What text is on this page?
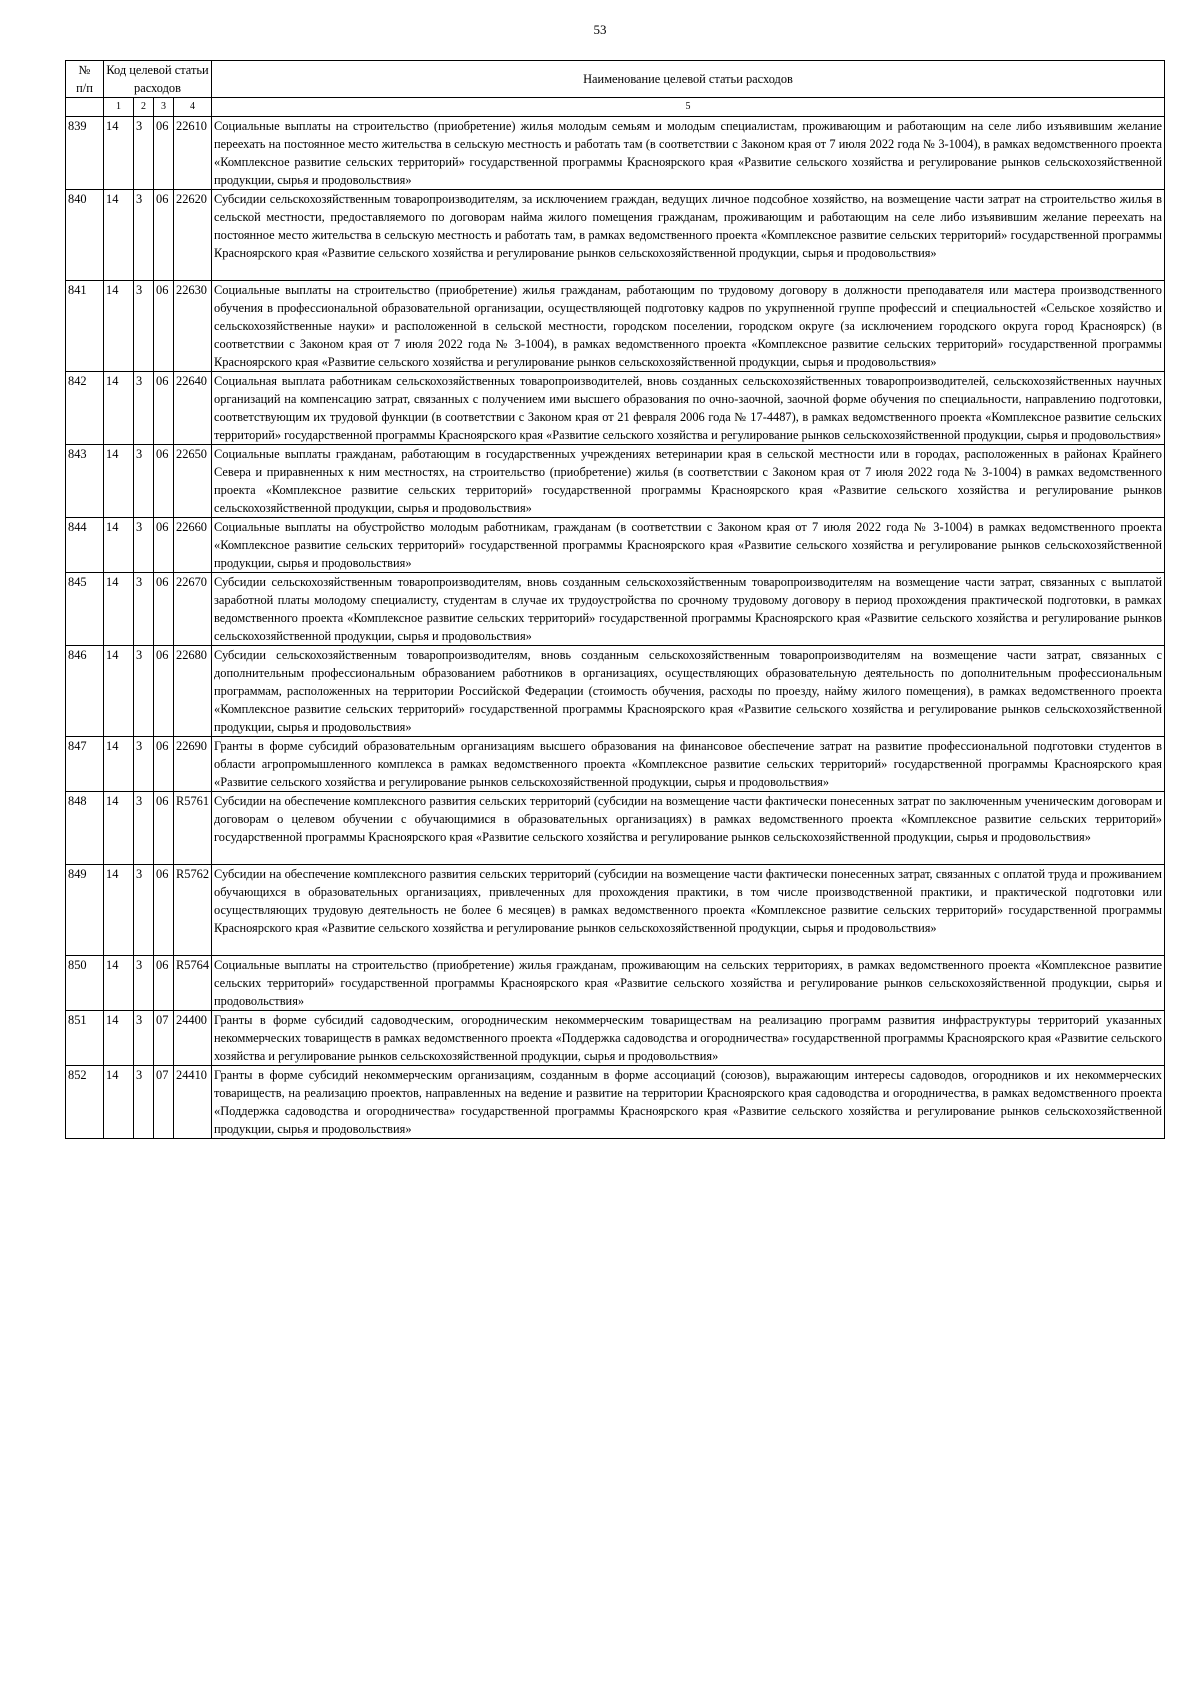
53
№
п/п	Код целевой статьи расходов				Наименование целевой статьи расходов

	1	2	3	4	5
839	14	3	06	22610	Социальные выплаты на строительство (приобретение) жилья молодым семьям и молодым специалистам, проживающим и работающим на селе либо изъявившим желание переехать на постоянное место жительства в сельскую местность и работать там (в соответствии с Законом края от 7 июля 2022 года № 3-1004), в рамках ведомственного проекта «Комплексное развитие сельских территорий» государственной программы Красноярского края «Развитие сельского хозяйства и регулирование рынков сельскохозяйственной продукции, сырья и продовольствия»
840	14	3	06	22620	Субсидии сельскохозяйственным товаропроизводителям, за исключением граждан, ведущих личное подсобное хозяйство, на возмещение части затрат на строительство жилья в сельской местности, предоставляемого по договорам найма жилого помещения гражданам, проживающим и работающим на селе либо изъявившим желание переехать на постоянное место жительства в сельскую местность и работать там, в рамках ведомственного проекта «Комплексное развитие сельских территорий» государственной программы Красноярского края «Развитие сельского хозяйства и регулирование рынков сельскохозяйственной продукции, сырья и продовольствия»
841	14	3	06	22630	Социальные выплаты на строительство (приобретение) жилья гражданам, работающим по трудовому договору в должности преподавателя или мастера производственного обучения в профессиональной образовательной организации, осуществляющей подготовку кадров по укрупненной группе профессий и специальностей «Сельское хозяйство и сельскохозяйственные науки» и расположенной в сельской местности, городском поселении, городском округе (за исключением городского округа город Красноярск) (в соответствии с Законом края от 7 июля 2022 года № 3-1004), в рамках ведомственного проекта «Комплексное развитие сельских территорий» государственной программы Красноярского края «Развитие сельского хозяйства и регулирование рынков сельскохозяйственной продукции, сырья и продовольствия»
842	14	3	06	22640	Социальная выплата работникам сельскохозяйственных товаропроизводителей, вновь созданных сельскохозяйственных товаропроизводителей, сельскохозяйственных научных организаций на компенсацию затрат, связанных с получением ими высшего образования по очно-заочной, заочной форме обучения по специальности, направлению подготовки, соответствующим их трудовой функции (в соответствии с Законом края от 21 февраля 2006 года № 17-4487), в рамках ведомственного проекта «Комплексное развитие сельских территорий» государственной программы Красноярского края «Развитие сельского хозяйства и регулирование рынков сельскохозяйственной продукции, сырья и продовольствия»
843	14	3	06	22650	Социальные выплаты гражданам, работающим в государственных учреждениях ветеринарии края в сельской местности или в городах, расположенных в районах Крайнего Севера и приравненных к ним местностях, на строительство (приобретение) жилья (в соответствии с Законом края от 7 июля 2022 года № 3-1004) в рамках ведомственного проекта «Комплексное развитие сельских территорий» государственной программы Красноярского края «Развитие сельского хозяйства и регулирование рынков сельскохозяйственной продукции, сырья и продовольствия»
844	14	3	06	22660	Социальные выплаты на обустройство молодым работникам, гражданам (в соответствии с Законом края от 7 июля 2022 года № 3-1004) в рамках ведомственного проекта «Комплексное развитие сельских территорий» государственной программы Красноярского края «Развитие сельского хозяйства и регулирование рынков сельскохозяйственной продукции, сырья и продовольствия»
845	14	3	06	22670	Субсидии сельскохозяйственным товаропроизводителям, вновь созданным сельскохозяйственным товаропроизводителям на возмещение части затрат, связанных с выплатой заработной платы молодому специалисту, студентам в случае их трудоустройства по срочному трудовому договору в период прохождения практической подготовки, в рамках ведомственного проекта «Комплексное развитие сельских территорий» государственной программы Красноярского края «Развитие сельского хозяйства и регулирование рынков сельскохозяйственной продукции, сырья и продовольствия»
846	14	3	06	22680	Субсидии сельскохозяйственным товаропроизводителям, вновь созданным сельскохозяйственным товаропроизводителям на возмещение части затрат, связанных с дополнительным профессиональным образованием работников в организациях, осуществляющих образовательную деятельность по дополнительным профессиональным программам, расположенных на территории Российской Федерации (стоимость обучения, расходы по проезду, найму жилого помещения), в рамках ведомственного проекта «Комплексное развитие сельских территорий» государственной программы Красноярского края «Развитие сельского хозяйства и регулирование рынков сельскохозяйственной продукции, сырья и продовольствия»
847	14	3	06	22690	Гранты в форме субсидий образовательным организациям высшего образования на финансовое обеспечение затрат на развитие профессиональной подготовки студентов в области агропромышленного комплекса в рамках ведомственного проекта «Комплексное развитие сельских территорий» государственной программы Красноярского края «Развитие сельского хозяйства и регулирование рынков сельскохозяйственной продукции, сырья и продовольствия»
848	14	3	06	R5761	Субсидии на обеспечение комплексного развития сельских территорий (субсидии на возмещение части фактически понесенных затрат по заключенным ученическим договорам и договорам о целевом обучении с обучающимися в образовательных организациях) в рамках ведомственного проекта «Комплексное развитие сельских территорий» государственной программы Красноярского края «Развитие сельского хозяйства и регулирование рынков сельскохозяйственной продукции, сырья и продовольствия»
849	14	3	06	R5762	Субсидии на обеспечение комплексного развития сельских территорий (субсидии на возмещение части фактически понесенных затрат, связанных с оплатой труда и проживанием обучающихся в образовательных организациях, привлеченных для прохождения практики, в том числе производственной практики, и практической подготовки или осуществляющих трудовую деятельность не более 6 месяцев) в рамках ведомственного проекта «Комплексное развитие сельских территорий» государственной программы Красноярского края «Развитие сельского хозяйства и регулирование рынков сельскохозяйственной продукции, сырья и продовольствия»
850	14	3	06	R5764	Социальные выплаты на строительство (приобретение) жилья гражданам, проживающим на сельских территориях, в рамках ведомственного проекта «Комплексное развитие сельских территорий» государственной программы Красноярского края «Развитие сельского хозяйства и регулирование рынков сельскохозяйственной продукции, сырья и продовольствия»
851	14	3	07	24400	Гранты в форме субсидий садоводческим, огородническим некоммерческим товариществам на реализацию программ развития инфраструктуры территорий указанных некоммерческих товариществ в рамках ведомственного проекта «Поддержка садоводства и огородничества» государственной программы Красноярского края «Развитие сельского хозяйства и регулирование рынков сельскохозяйственной продукции, сырья и продовольствия»
852	14	3	07	24410	Гранты в форме субсидий некоммерческим организациям, созданным в форме ассоциаций (союзов), выражающим интересы садоводов, огородников и их некоммерческих товариществ, на реализацию проектов, направленных на ведение и развитие на территории Красноярского края садоводства и огородничества, в рамках ведомственного проекта «Поддержка садоводства и огородничества» государственной программы Красноярского края «Развитие сельского хозяйства и регулирование рынков сельскохозяйственной продукции, сырья и продовольствия»
